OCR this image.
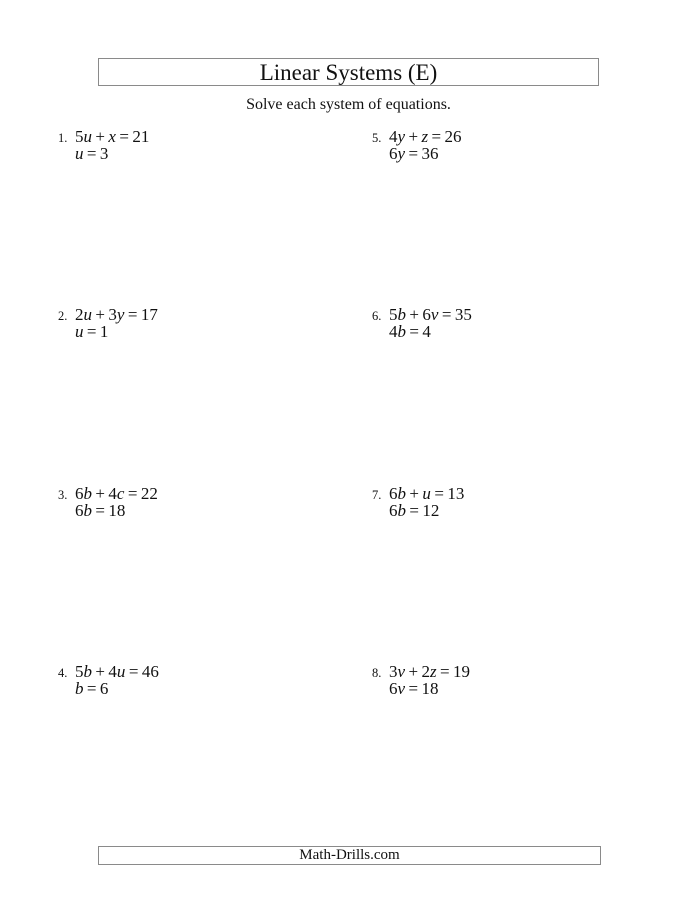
Linear Systems (E)
Solve each system of equations.
1. 5u  +  x  =  21
u  =  3
2. 2u  +  3y  =  17
u  =  1
3. 6b  +  4c  =  22
6b  =  18
4. 5b  +  4u  =  46
b  =  6
5. 4y  +  z  =  26
6y  =  36
6. 5b  +  6v  =  35
4b  =  4
7. 6b  +  u  =  13
6b  =  12
8. 3v  +  2z  =  19
6v  =  18
Math-Drills.com
